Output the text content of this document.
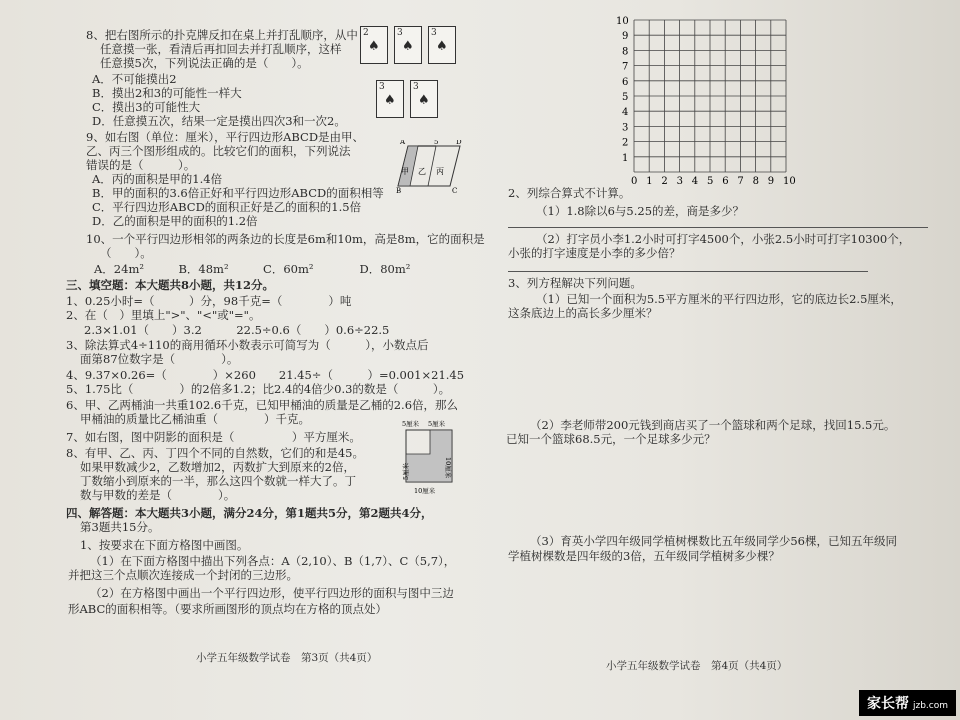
8、把右图所示的扑克牌反扣在桌上并打乱顺序，从中
任意摸一张，看清后再扣回去并打乱顺序，这样
任意摸5次，下列说法正确的是（　　）。
A．不可能摸出2
B．摸出2和3的可能性一样大
C．摸出3的可能性大
D．任意摸五次，结果一定是摸出四次3和一次2。
2
♠
3
♠
3
♠
3
♠
3
♠
9、如右图（单位：厘米），平行四边形ABCD是由甲、
乙、丙三个图形组成的。比较它们的面积，下列说法
错误的是（　　　）。
A．丙的面积是甲的1.4倍
B．甲的面积的3.6倍正好和平行四边形ABCD的面积相等
C．平行四边形ABCD的面积正好是乙的面积的1.5倍
D．乙的面积是甲的面积的1.2倍
A	D
B	C
5
甲 乙 丙
10、一个平行四边形相邻的两条边的长度是6m和10m，高是8m，它的面积是
（　　）。
A．24m²　　　B．48m²　　　C．60m²　　　　D．80m²
三、填空题：本大题共8小题，共12分。
1、0.25小时=（　　　）分，98千克=（　　　　）吨
2、在（　）里填上">"、"<"或"="。
2.3×1.01（　　）3.2　　　22.5÷0.6（　　）0.6÷22.5
3、除法算式4÷110的商用循环小数表示可简写为（　　　），小数点后
面第87位数字是（　　　　）。
4、9.37×0.26=（　　　　）×260　　21.45÷（　　　）=0.001×21.45
5、1.75比（　　　　）的2倍多1.2；比2.4的4倍少0.3的数是（　　　）。
6、甲、乙两桶油一共重102.6千克，已知甲桶油的质量是乙桶的2.6倍，那么
甲桶油的质量比乙桶油重（　　　　）千克。
7、如右图，图中阴影的面积是（　　　　　）平方厘米。
8、有甲、乙、丙、丁四个不同的自然数，它们的和是45。
如果甲数减少2，乙数增加2，丙数扩大到原来的2倍，
丁数缩小到原来的一半，那么这四个数就一样大了。丁
数与甲数的差是（　　　　）。
5厘米 5厘米
5厘米	10厘米
10厘米
四、解答题：本大题共3小题，满分24分，第1题共5分，第2题共4分，
第3题共15分。
1、按要求在下面方格图中画图。
（1）在下面方格图中描出下列各点：A（2,10）、B（1,7）、C（5,7），
并把这三个点顺次连接成一个封闭的三边形。
（2）在方格图中画出一个平行四边形，使平行四边形的面积与图中三边
形ABC的面积相等。（要求所画图形的顶点均在方格的顶点处）
小学五年级数学试卷　第3页（共4页）
0 1
1
2
2
3
3
4
4
5
5
6
6
7
7
8
8
9
9
10
10
2、列综合算式不计算。
（1）1.8除以6与5.25的差，商是多少？
（2）打字员小李1.2小时可打字4500个，小张2.5小时可打字10300个，
小张的打字速度是小李的多少倍？
3、列方程解决下列问题。
（1）已知一个面积为5.5平方厘米的平行四边形，它的底边长2.5厘米，
这条底边上的高长多少厘米？
（2）李老师带200元钱到商店买了一个篮球和两个足球，找回15.5元。
已知一个篮球68.5元，一个足球多少元？
（3）育英小学四年级同学植树棵数比五年级同学少56棵，已知五年级同
学植树棵数是四年级的3倍，五年级同学植树多少棵？
小学五年级数学试卷　第4页（共4页）
家长帮 jzb.com
